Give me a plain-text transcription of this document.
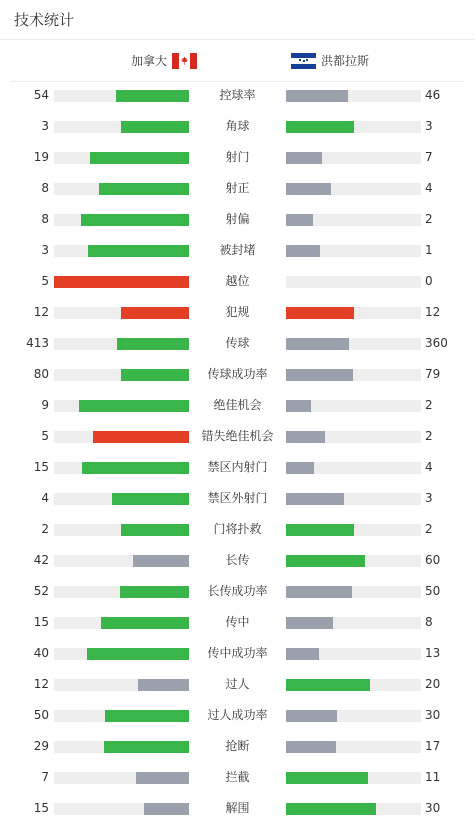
技术统计
加拿大	洪都拉斯
54	控球率	46
3	角球	3
19	射门	7
8	射正	4
8	射偏	2
3	被封堵	1
5	越位	0
12	犯规	12
413	传球	360
80	传球成功率	79
9	绝佳机会	2
5	错失绝佳机会	2
15	禁区内射门	4
4	禁区外射门	3
2	门将扑救	2
42	长传	60
52	长传成功率	50
15	传中	8
40	传中成功率	13
12	过人	20
50	过人成功率	30
29	抢断	17
7	拦截	11
15	解围	30
